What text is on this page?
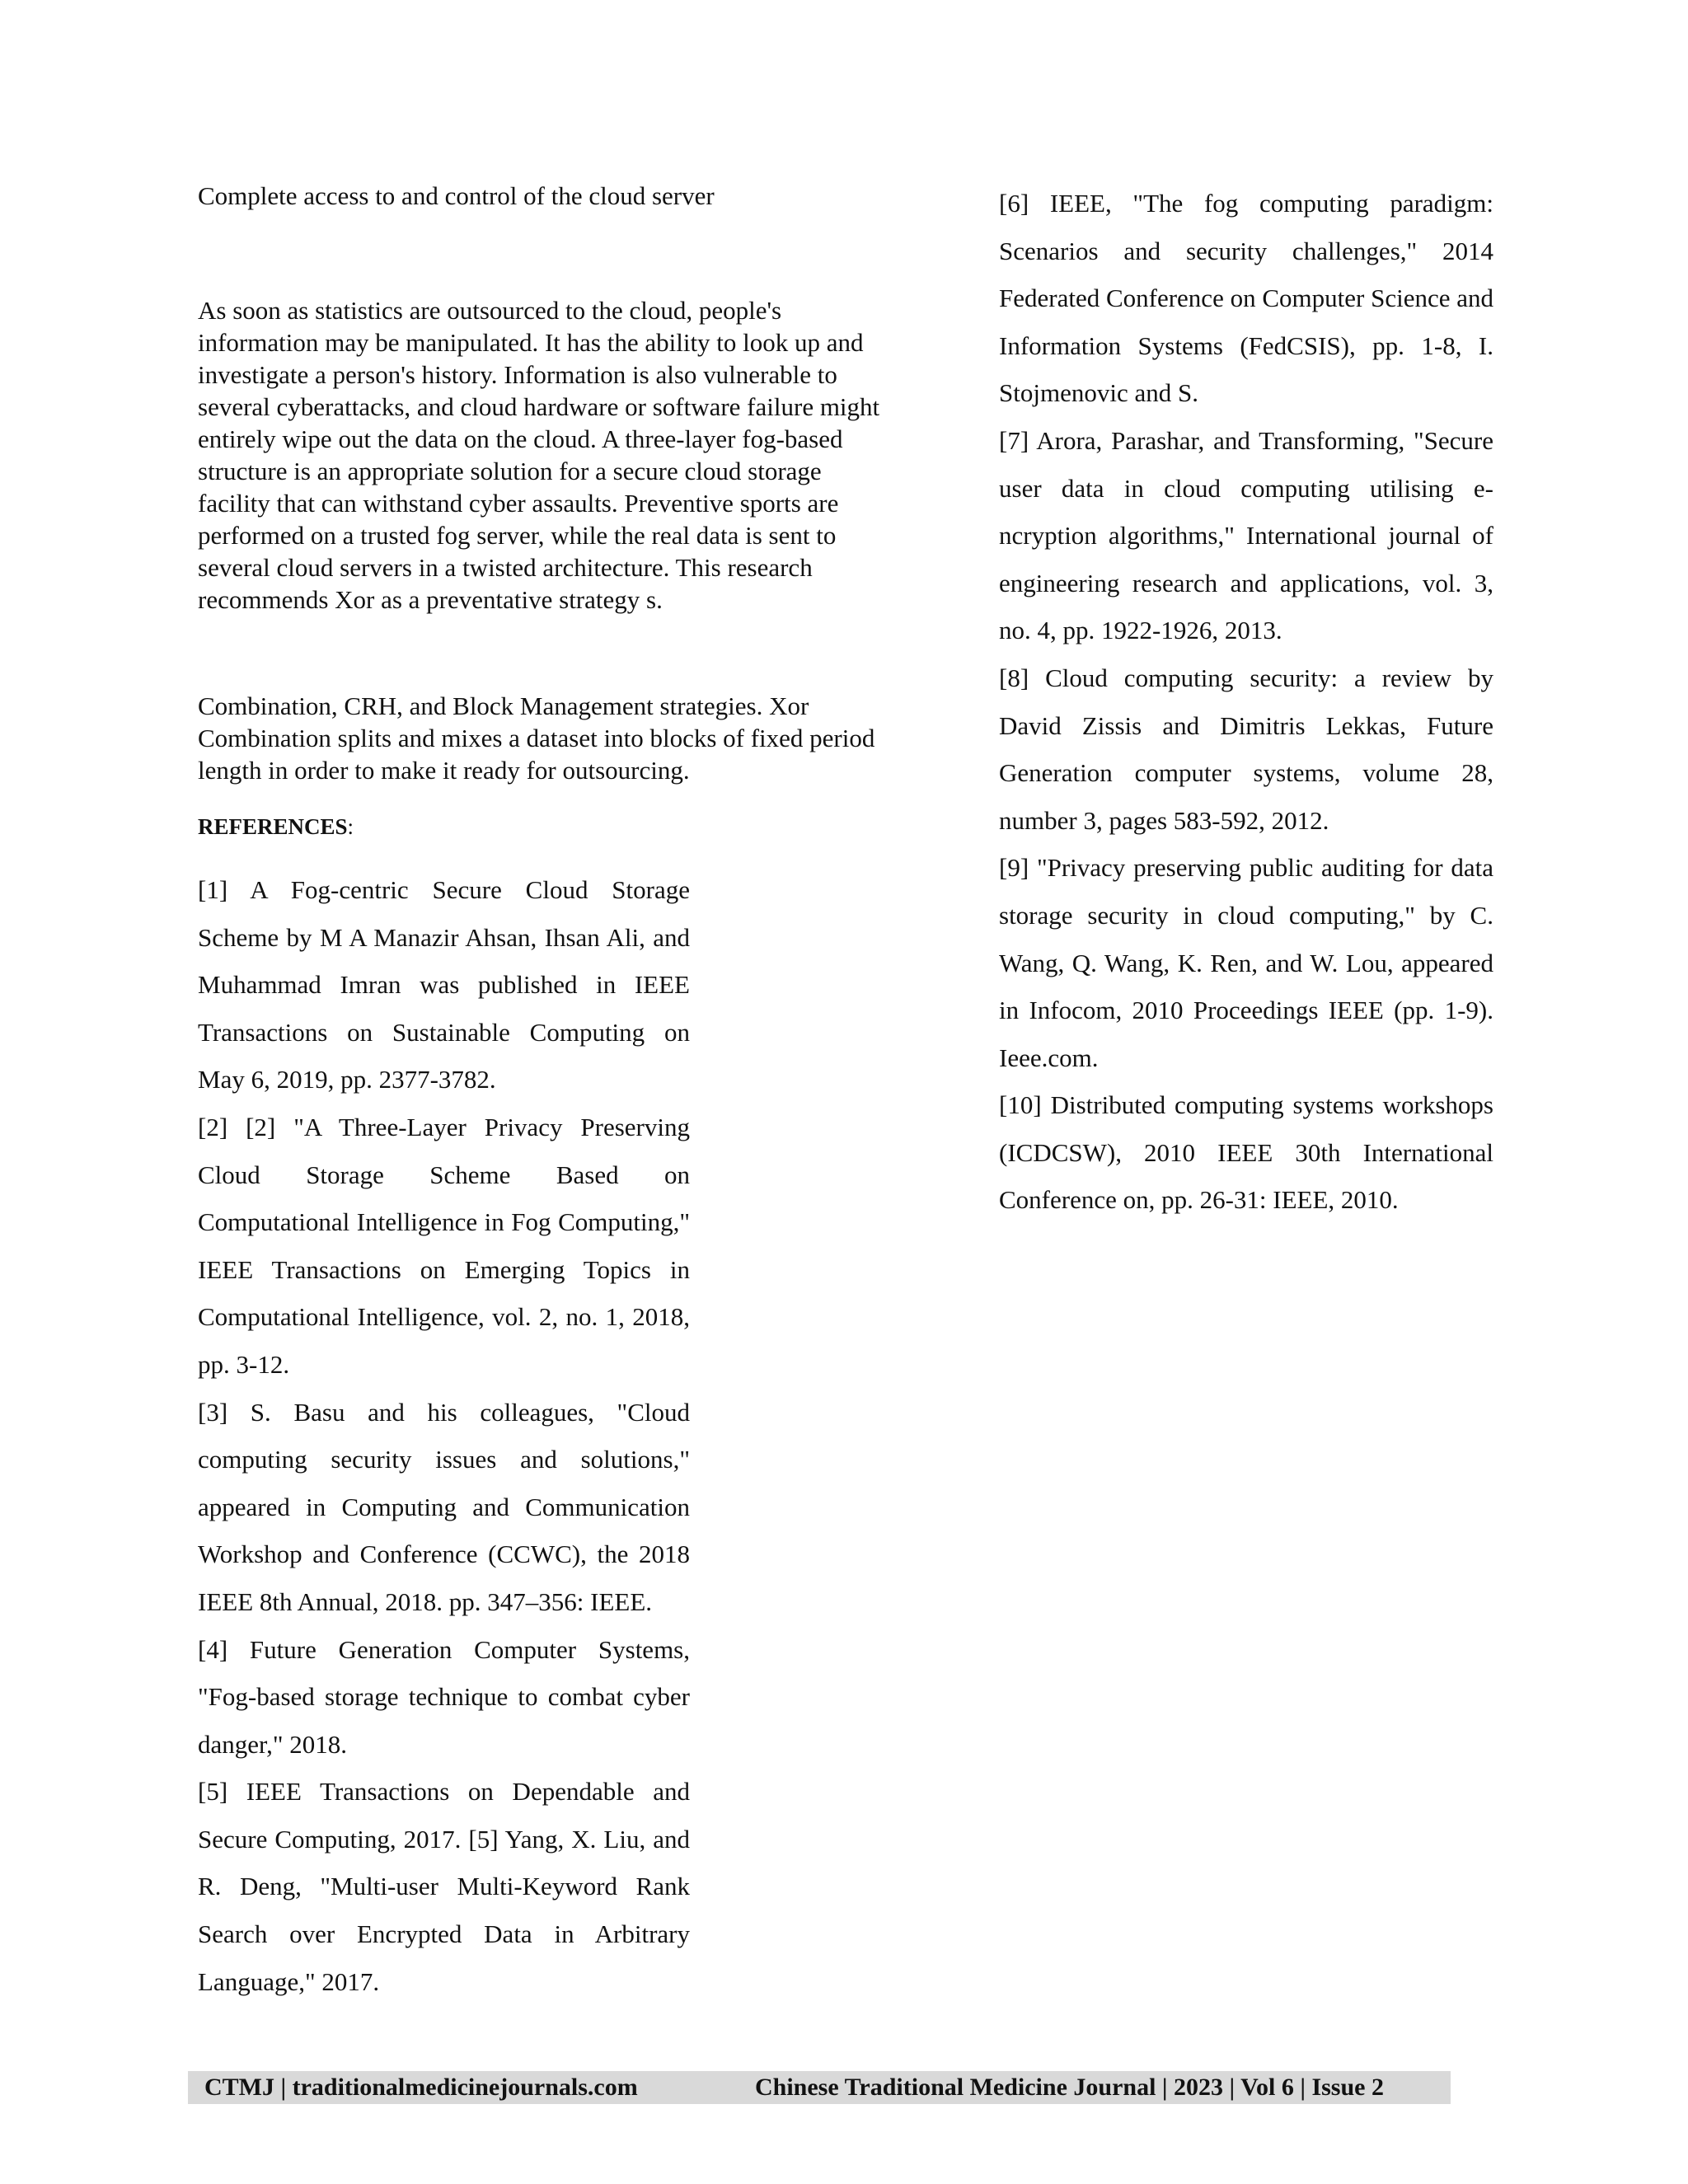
Complete access to and control of the cloud server

As soon as statistics are outsourced to the cloud, people's information may be manipulated. It has the ability to look up and investigate a person's history. Information is also vulnerable to several cyberattacks, and cloud hardware or software failure might entirely wipe out the data on the cloud. A three-layer fog-based structure is an appropriate solution for a secure cloud storage facility that can withstand cyber assaults. Preventive sports are performed on a trusted fog server, while the real data is sent to several cloud servers in a twisted architecture. This research recommends Xor as a preventative strategy s.

Combination, CRH, and Block Management strategies. Xor Combination splits and mixes a dataset into blocks of fixed period length in order to make it ready for outsourcing.

REFERENCES:

[1] A Fog-centric Secure Cloud Storage Scheme by M A Manazir Ahsan, Ihsan Ali, and Muhammad Imran was published in IEEE Transactions on Sustainable Computing on May 6, 2019, pp. 2377-3782.

[2] [2] "A Three-Layer Privacy Preserving Cloud Storage Scheme Based on Computational Intelligence in Fog Computing," IEEE Transactions on Emerging Topics in Computational Intelligence, vol. 2, no. 1, 2018, pp. 3-12.

[3] S. Basu and his colleagues, "Cloud computing security issues and solutions," appeared in Computing and Communication Workshop and Conference (CCWC), the 2018 IEEE 8th Annual, 2018. pp. 347–356: IEEE.

[4] Future Generation Computer Systems, "Fog-based storage technique to combat cyber danger," 2018.

[5] IEEE Transactions on Dependable and Secure Computing, 2017. [5] Yang, X. Liu, and R. Deng, "Multi-user Multi-Keyword Rank Search over Encrypted Data in Arbitrary Language," 2017.

[6] IEEE, "The fog computing paradigm: Scenarios and security challenges," 2014 Federated Conference on Computer Science and Information Systems (FedCSIS), pp. 1-8, I. Stojmenovic and S.

[7] Arora, Parashar, and Transforming, "Secure user data in cloud computing utilising e-ncryption algorithms," International journal of engineering research and applications, vol. 3, no. 4, pp. 1922-1926, 2013.

[8] Cloud computing security: a review by David Zissis and Dimitris Lekkas, Future Generation computer systems, volume 28, number 3, pages 583-592, 2012.

[9] "Privacy preserving public auditing for data storage security in cloud computing," by C. Wang, Q. Wang, K. Ren, and W. Lou, appeared in Infocom, 2010 Proceedings IEEE (pp. 1-9). Ieee.com.

[10] Distributed computing systems workshops (ICDCSW), 2010 IEEE 30th International Conference on, pp. 26-31: IEEE, 2010.

CTMJ | traditionalmedicinejournals.com	Chinese Traditional Medicine Journal | 2023 | Vol 6 | Issue 2
